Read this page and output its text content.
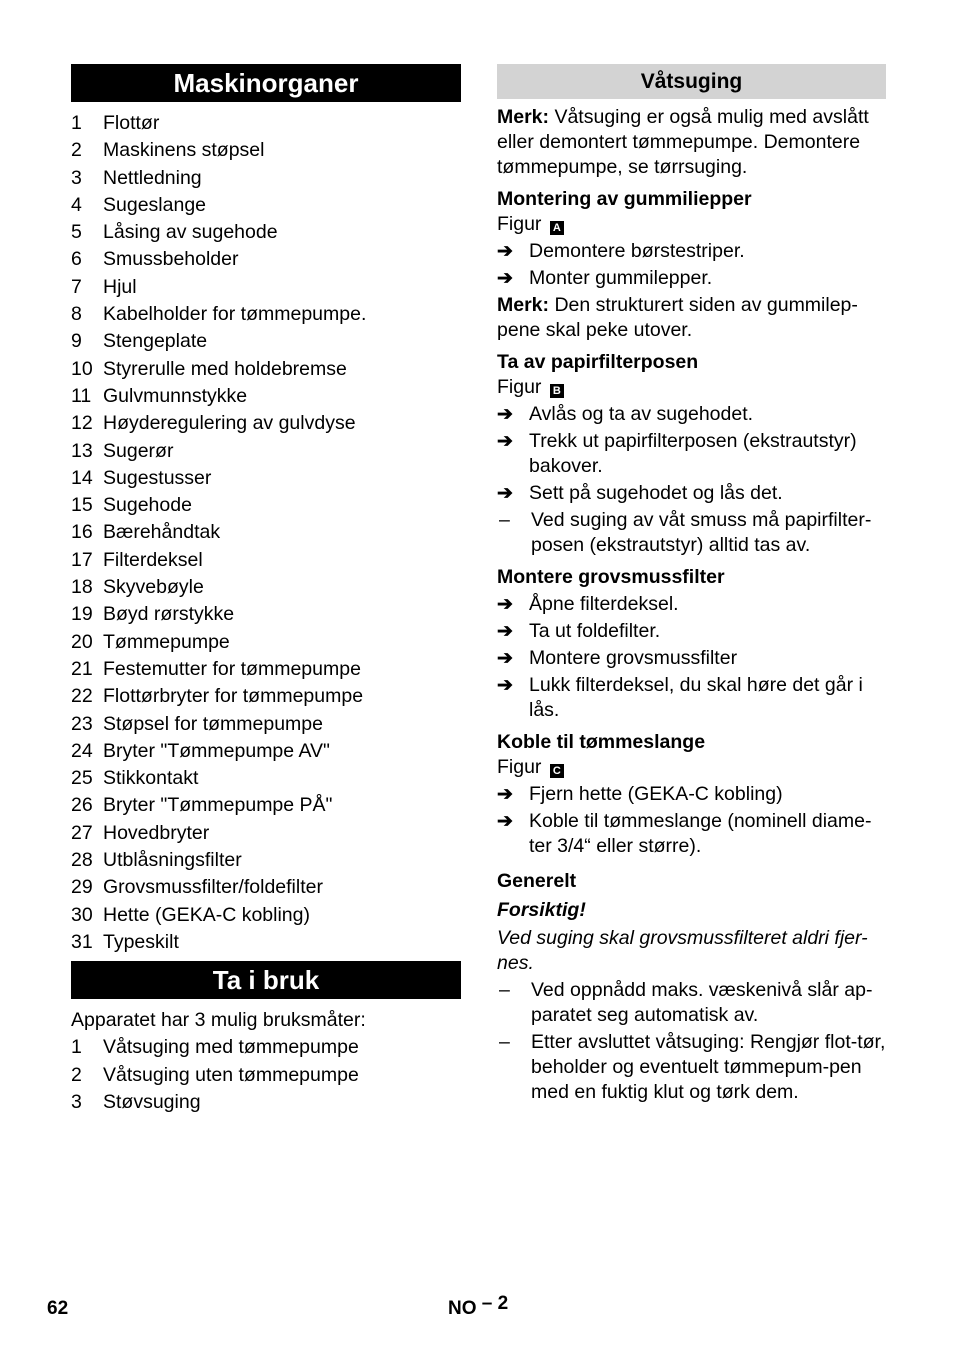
Maskinorganer
1	Flottør
2	Maskinens støpsel
3	Nettledning
4	Sugeslange
5	Låsing av sugehode
6	Smussbeholder
7	Hjul
8	Kabelholder for tømmepumpe.
9	Stengeplate
10 Styrerulle med holdebremse
11 Gulvmunnstykke
12 Høyderegulering av gulvdyse
13 Sugerør
14 Sugestusser
15 Sugehode
16 Bærehåndtak
17 Filterdeksel
18 Skyvebøyle
19 Bøyd rørstykke
20 Tømmepumpe
21 Festemutter for tømmepumpe
22 Flottørbryter for tømmepumpe
23 Støpsel for tømmepumpe
24 Bryter "Tømmepumpe AV"
25 Stikkontakt
26 Bryter "Tømmepumpe PÅ"
27 Hovedbryter
28 Utblåsningsfilter
29 Grovsmussfilter/foldefilter
30 Hette (GEKA-C kobling)
31 Typeskilt
Ta i bruk
Apparatet har 3 mulig bruksmåter:
1	Våtsuging med tømmepumpe
2	Våtsuging uten tømmepumpe
3	Støvsuging
Våtsuging
Merk: Våtsuging er også mulig med avslått eller demontert tømmepumpe. Demontere tømmepumpe, se tørrsuging.
Montering av gummiliepper
Figur A
➔ Demontere børstestriper.
➔ Monter gummilepper.
Merk: Den strukturert siden av gummilep-pene skal peke utover.
Ta av papirfilterposen
Figur B
➔ Avlås og ta av sugehodet.
➔ Trekk ut papirfilterposen (ekstrautstyr) bakover.
➔ Sett på sugehodet og lås det.
–	Ved suging av våt smuss må papirfilter-posen (ekstrautstyr) alltid tas av.
Montere grovsmussfilter
➔ Åpne filterdeksel.
➔ Ta ut foldefilter.
➔ Montere grovsmussfilter
➔ Lukk filterdeksel, du skal høre det går i lås.
Koble til tømmeslange
Figur C
➔ Fjern hette (GEKA-C kobling)
➔ Koble til tømmeslange (nominell diame-ter 3/4“ eller større).
Generelt
Forsiktig!
Ved suging skal grovsmussfilteret aldri fjer-nes.
–	Ved oppnådd maks. væskenivå slår ap-paratet seg automatisk av.
–	Etter avsluttet våtsuging: Rengjør flot-tør, beholder og eventuelt tømmepum-pen med en fuktig klut og tørk dem.
62	NO – 2
